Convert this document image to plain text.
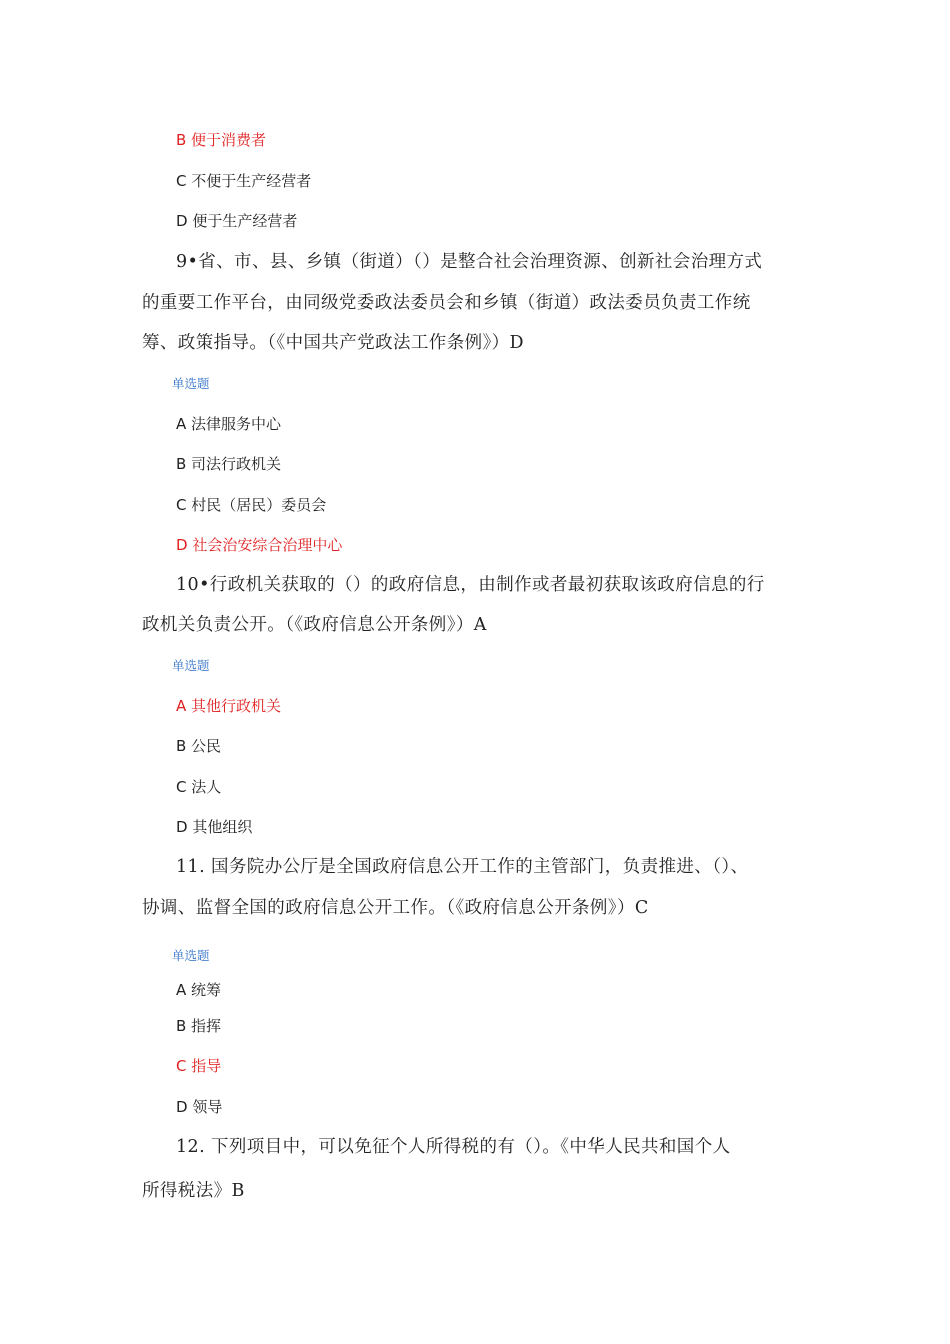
B 便于消费者
C 不便于生产经营者
D 便于生产经营者
9•省、市、县、乡镇（街道）（）是整合社会治理资源、创新社会治理方式
的重要工作平台，由同级党委政法委员会和乡镇（街道）政法委员负责工作统
筹、政策指导。（《中国共产党政法工作条例》）D
单选题
A 法律服务中心
B 司法行政机关
C 村民（居民）委员会
D 社会治安综合治理中心
10•行政机关获取的（）的政府信息，由制作或者最初获取该政府信息的行
政机关负责公开。（《政府信息公开条例》）A
单选题
A 其他行政机关
B 公民
C 法人
D 其他组织
11. 国务院办公厅是全国政府信息公开工作的主管部门，负责推进、（）、
协调、监督全国的政府信息公开工作。（《政府信息公开条例》）C
单选题
A 统筹
B 指挥
C 指导
D 领导
12. 下列项目中，可以免征个人所得税的有（）。《中华人民共和国个人
所得税法》B
